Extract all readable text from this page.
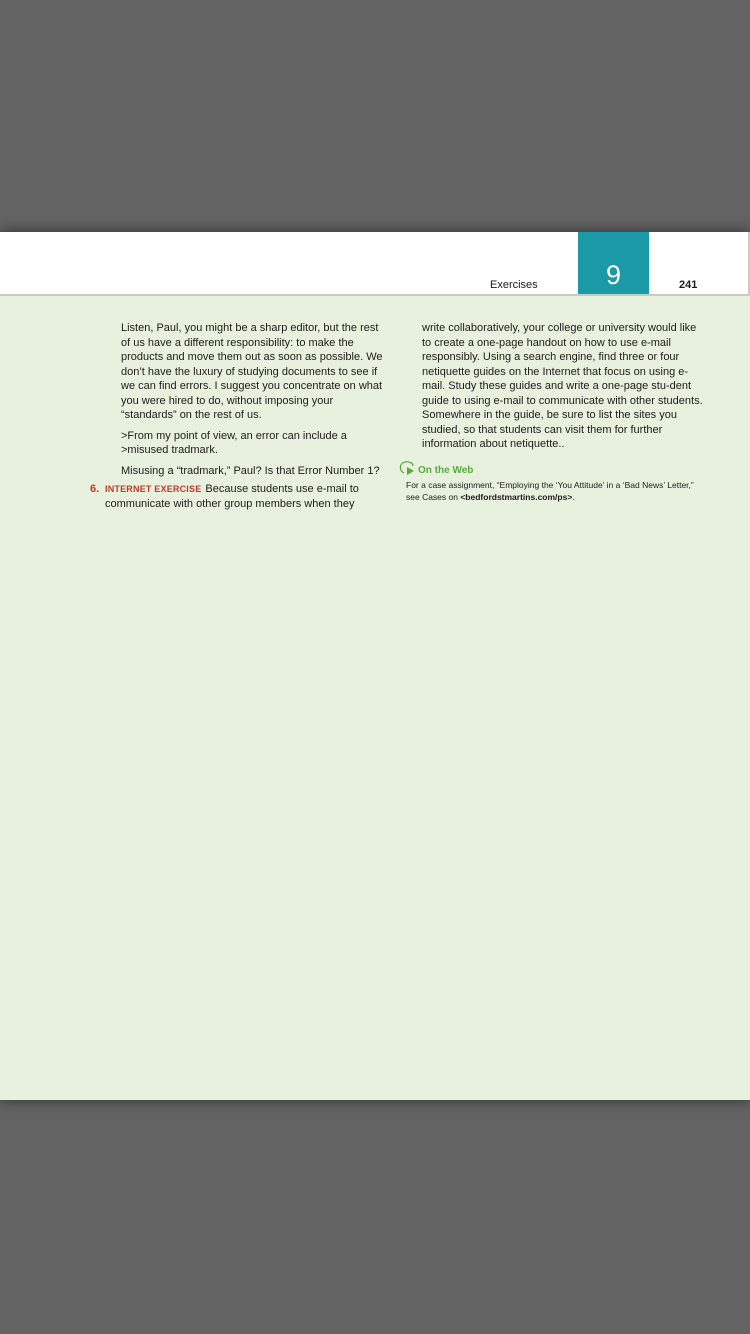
Exercises	9	241

Listen, Paul, you might be a sharp editor, but the rest of us have a different responsibility: to make the products and move them out as soon as possible. We don’t have the luxury of studying documents to see if we can find errors. I suggest you concentrate on what you were hired to do, without imposing your “standards” on the rest of us.

>From my point of view, an error can include a

>misused tradmark.

Misusing a “tradmark,” Paul? Is that Error Number 1?

6. INTERNET EXERCISE Because students use e-mail to
communicate with other group members when they

write collaboratively, your college or university would like to create a one-page handout on how to use e-mail responsibly. Using a search engine, find three or four netiquette guides on the Internet that focus on using e-mail. Study these guides and write a one-page stu-dent guide to using e-mail to communicate with other students. Somewhere in the guide, be sure to list the sites you studied, so that students can visit them for further information about netiquette..

On the Web
For a case assignment, “Employing the ‘You Attitude’ in a ‘Bad News’ Letter,” see Cases on <bedfordstmartins.com/ps>.
